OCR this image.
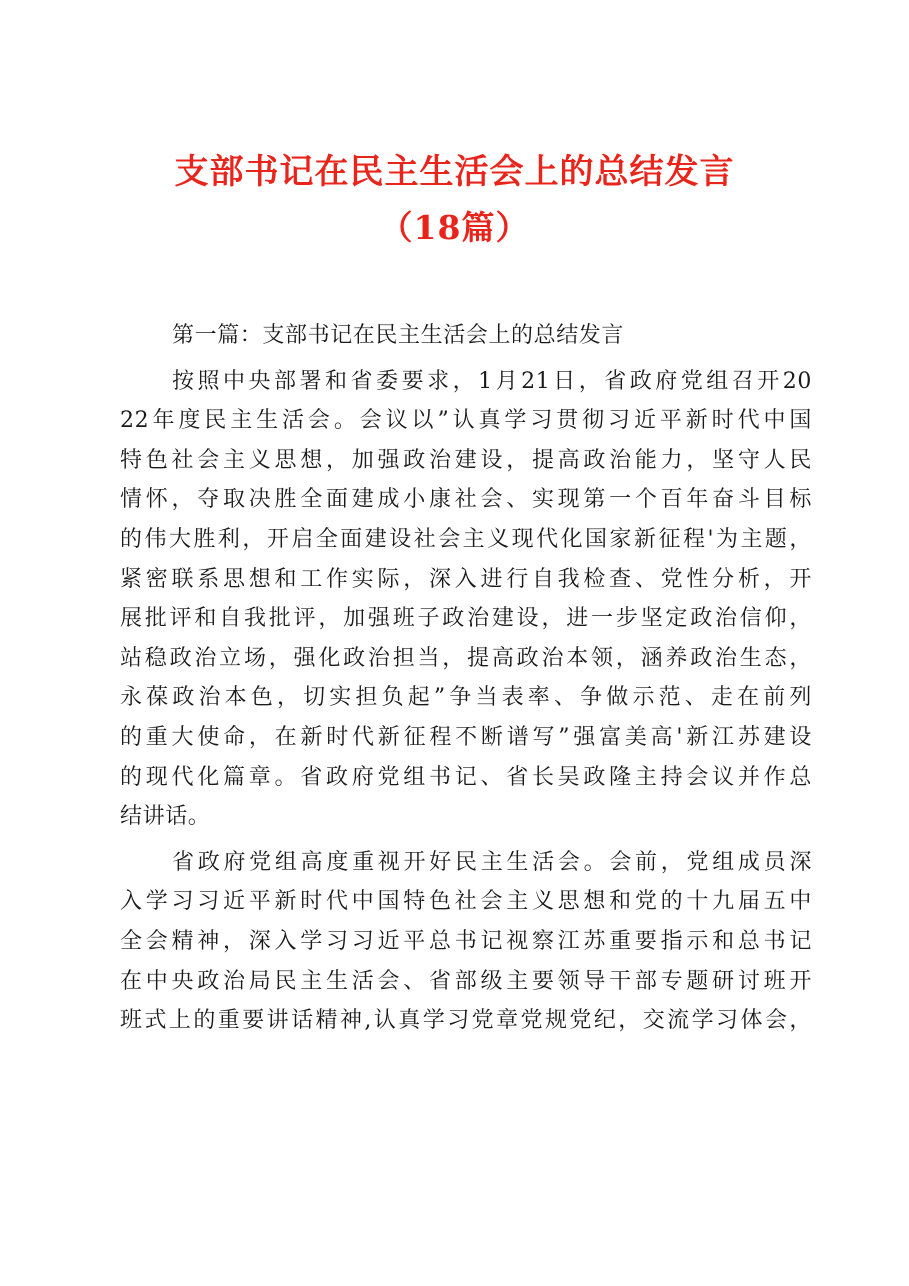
支部书记在民主生活会上的总结发言
（18篇）
第一篇：支部书记在民主生活会上的总结发言
按照中央部署和省委要求，1月21日，省政府党组召开20
22年度民主生活会。会议以”认真学习贯彻习近平新时代中国
特色社会主义思想，加强政治建设，提高政治能力，坚守人民
情怀，夺取决胜全面建成小康社会、实现第一个百年奋斗目标
的伟大胜利，开启全面建设社会主义现代化国家新征程'为主题，
紧密联系思想和工作实际，深入进行自我检查、党性分析，开
展批评和自我批评，加强班子政治建设，进一步坚定政治信仰，
站稳政治立场，强化政治担当，提高政治本领，涵养政治生态，
永葆政治本色，切实担负起”争当表率、争做示范、走在前列
的重大使命，在新时代新征程不断谱写”强富美高'新江苏建设
的现代化篇章。省政府党组书记、省长吴政隆主持会议并作总
结讲话。
省政府党组高度重视开好民主生活会。会前，党组成员深
入学习习近平新时代中国特色社会主义思想和党的十九届五中
全会精神，深入学习习近平总书记视察江苏重要指示和总书记
在中央政治局民主生活会、省部级主要领导干部专题研讨班开
班式上的重要讲话精神,认真学习党章党规党纪，交流学习体会，
